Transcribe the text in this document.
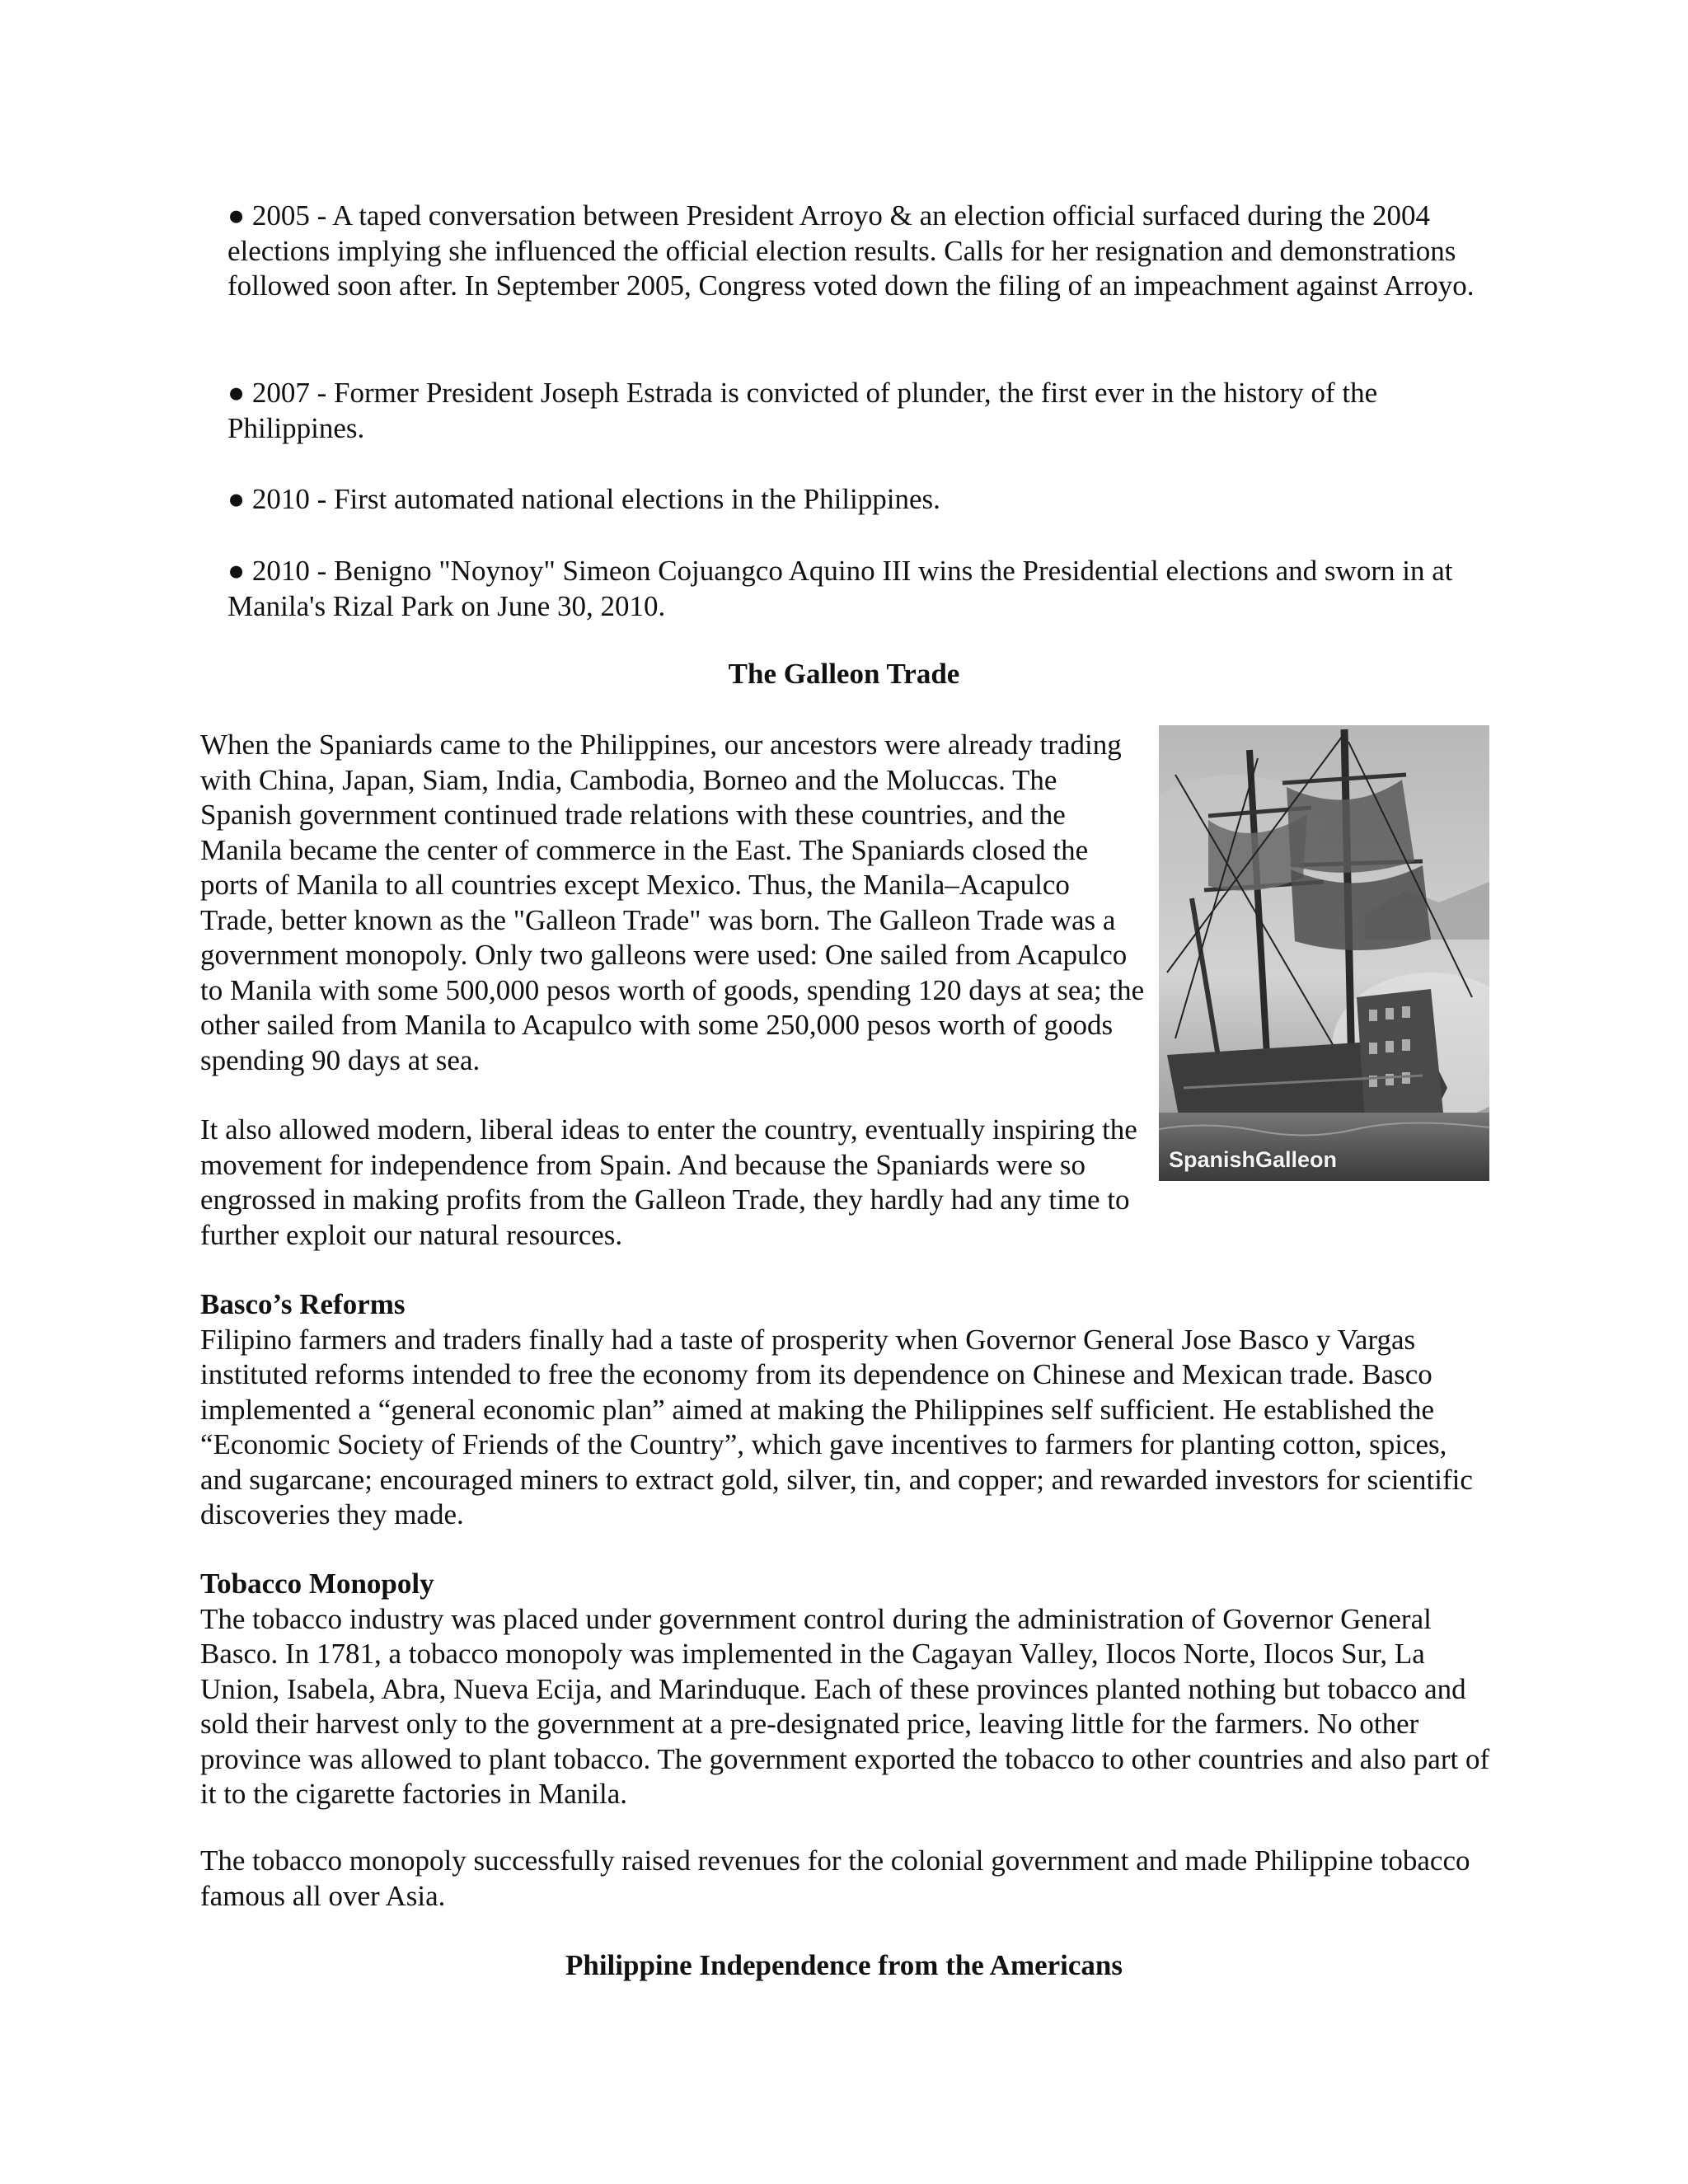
● 2005 - A taped conversation between President Arroyo & an election official surfaced during the 2004 elections implying she influenced the official election results. Calls for her resignation and demonstrations followed soon after. In September 2005, Congress voted down the filing of an impeachment against Arroyo.

● 2007 - Former President Joseph Estrada is convicted of plunder, the first ever in the history of the Philippines.

● 2010 - First automated national elections in the Philippines.

● 2010 - Benigno "Noynoy" Simeon Cojuangco Aquino III wins the Presidential elections and sworn in at Manila's Rizal Park on June 30, 2010.

The Galleon Trade

When the Spaniards came to the Philippines, our ancestors were already trading with China, Japan, Siam, India, Cambodia, Borneo and the Moluccas. The Spanish government continued trade relations with these countries, and the Manila became the center of commerce in the East. The Spaniards closed the ports of Manila to all countries except Mexico. Thus, the Manila–Acapulco Trade, better known as the "Galleon Trade" was born. The Galleon Trade was a government monopoly. Only two galleons were used: One sailed from Acapulco to Manila with some 500,000 pesos worth of goods, spending 120 days at sea; the other sailed from Manila to Acapulco with some 250,000 pesos worth of goods spending 90 days at sea.

It also allowed modern, liberal ideas to enter the country, eventually inspiring the movement for independence from Spain. And because the Spaniards were so engrossed in making profits from the Galleon Trade, they hardly had any time to further exploit our natural resources.

SpanishGalleon
Basco’s Reforms
Filipino farmers and traders finally had a taste of prosperity when Governor General Jose Basco y Vargas instituted reforms intended to free the economy from its dependence on Chinese and Mexican trade. Basco implemented a “general economic plan” aimed at making the Philippines self sufficient. He established the “Economic Society of Friends of the Country”, which gave incentives to farmers for planting cotton, spices, and sugarcane; encouraged miners to extract gold, silver, tin, and copper; and rewarded investors for scientific discoveries they made.
Tobacco Monopoly
The tobacco industry was placed under government control during the administration of Governor General Basco. In 1781, a tobacco monopoly was implemented in the Cagayan Valley, Ilocos Norte, Ilocos Sur, La Union, Isabela, Abra, Nueva Ecija, and Marinduque. Each of these provinces planted nothing but tobacco and sold their harvest only to the government at a pre-designated price, leaving little for the farmers. No other province was allowed to plant tobacco. The government exported the tobacco to other countries and also part of it to the cigarette factories in Manila.

The tobacco monopoly successfully raised revenues for the colonial government and made Philippine tobacco famous all over Asia.

Philippine Independence from the Americans
